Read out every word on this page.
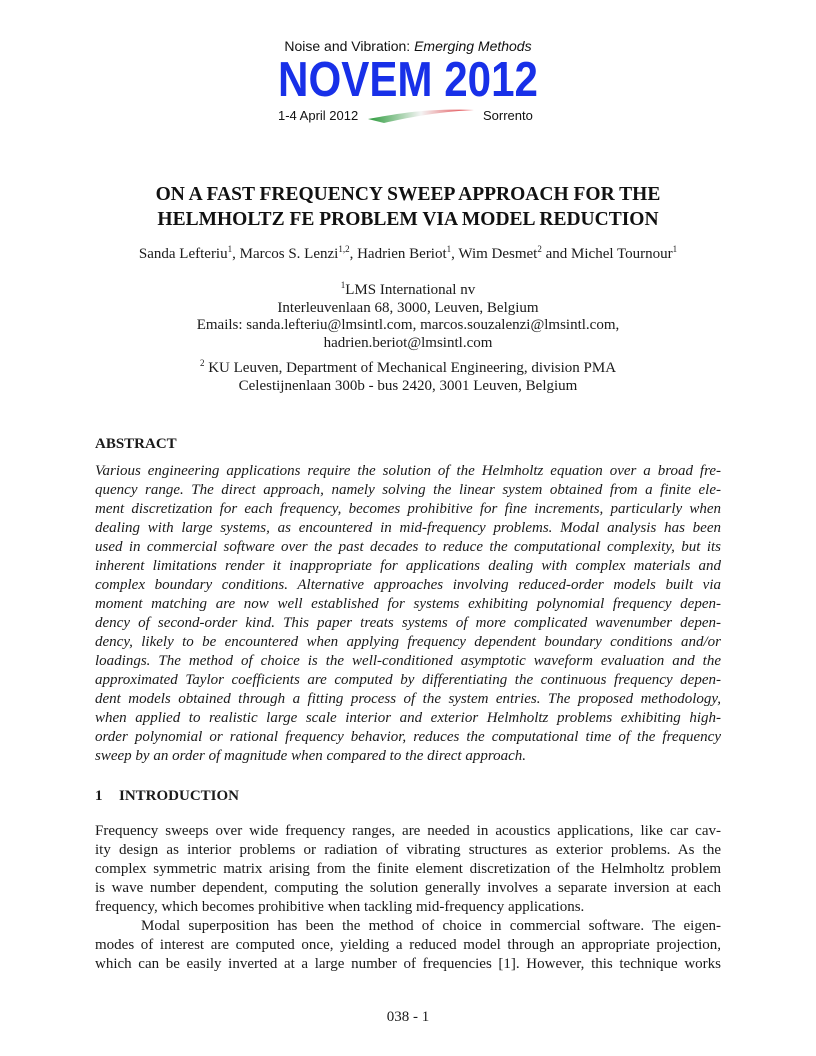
Noise and Vibration: Emerging Methods
NOVEM 2012
1-4 April 2012	Sorrento
ON A FAST FREQUENCY SWEEP APPROACH FOR THE
HELMHOLTZ FE PROBLEM VIA MODEL REDUCTION
Sanda Lefteriu$^1$, Marcos S. Lenzi$^{1,2}$, Hadrien Beriot$^1$, Wim Desmet$^2$ and Michel Tournour$^1$
$^1$LMS International nv
Interleuvenlaan 68, 3000, Leuven, Belgium
Emails: sanda.lefteriu@lmsintl.com, marcos.souzalenzi@lmsintl.com,
hadrien.beriot@lmsintl.com
$^2$ KU Leuven, Department of Mechanical Engineering, division PMA
Celestijnenlaan 300b - bus 2420, 3001 Leuven, Belgium
ABSTRACT
Various engineering applications require the solution of the Helmholtz equation over a broad fre-
quency range. The direct approach, namely solving the linear system obtained from a finite ele-
ment discretization for each frequency, becomes prohibitive for fine increments, particularly when
dealing with large systems, as encountered in mid-frequency problems. Modal analysis has been
used in commercial software over the past decades to reduce the computational complexity, but its
inherent limitations render it inappropriate for applications dealing with complex materials and
complex boundary conditions. Alternative approaches involving reduced-order models built via
moment matching are now well established for systems exhibiting polynomial frequency depen-
dency of second-order kind. This paper treats systems of more complicated wavenumber depen-
dency, likely to be encountered when applying frequency dependent boundary conditions and/or
loadings. The method of choice is the well-conditioned asymptotic waveform evaluation and the
approximated Taylor coefficients are computed by differentiating the continuous frequency depen-
dent models obtained through a fitting process of the system entries. The proposed methodology,
when applied to realistic large scale interior and exterior Helmholtz problems exhibiting high-
order polynomial or rational frequency behavior, reduces the computational time of the frequency
sweep by an order of magnitude when compared to the direct approach.
1 INTRODUCTION
Frequency sweeps over wide frequency ranges, are needed in acoustics applications, like car cav-
ity design as interior problems or radiation of vibrating structures as exterior problems. As the
complex symmetric matrix arising from the finite element discretization of the Helmholtz problem
is wave number dependent, computing the solution generally involves a separate inversion at each
frequency, which becomes prohibitive when tackling mid-frequency applications.
Modal superposition has been the method of choice in commercial software. The eigen-
modes of interest are computed once, yielding a reduced model through an appropriate projection,
which can be easily inverted at a large number of frequencies [1]. However, this technique works
038 - 1
